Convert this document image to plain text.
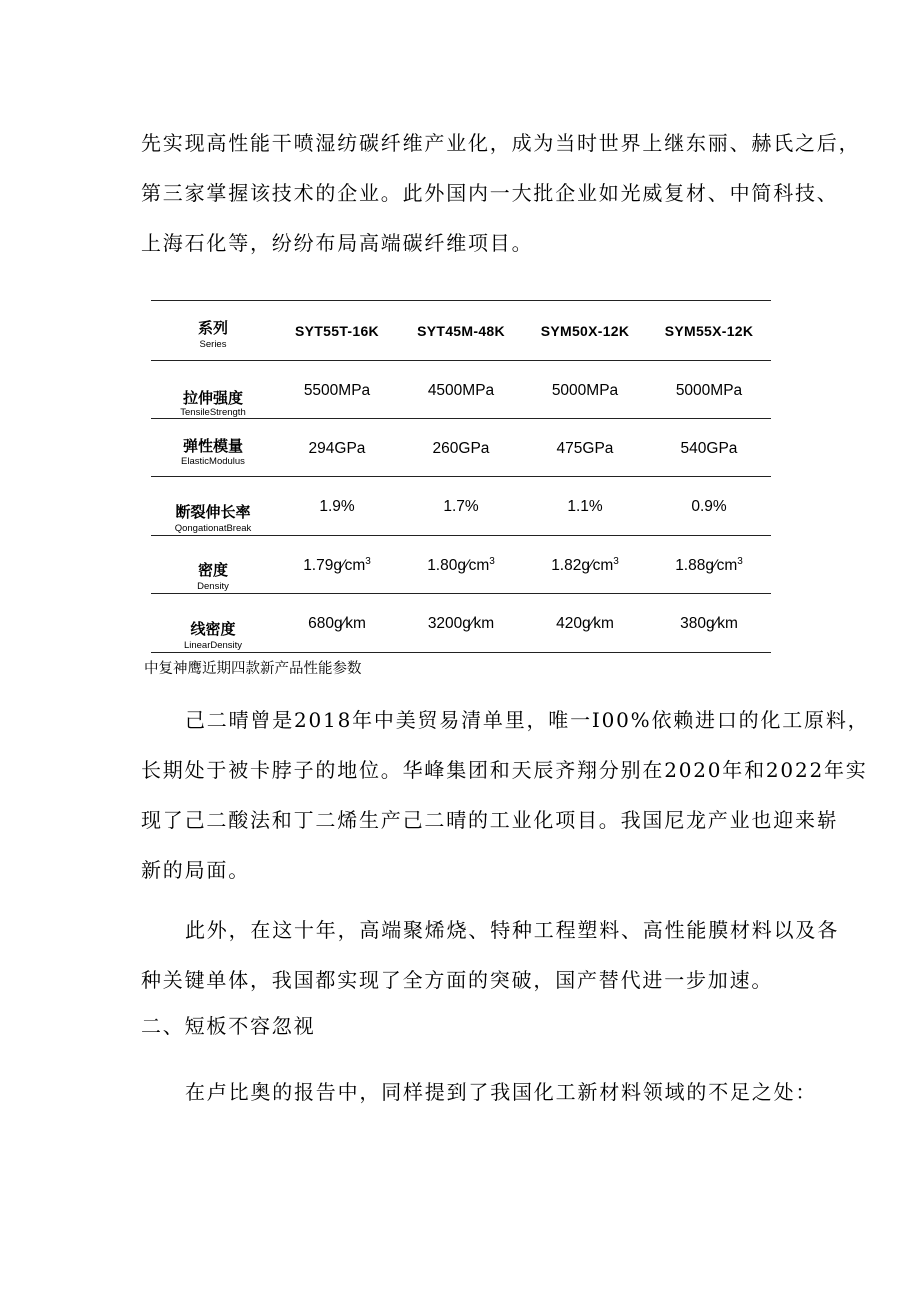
先实现高性能干喷湿纺碳纤维产业化，成为当时世界上继东丽、赫氏之后，
第三家掌握该技术的企业。此外国内一大批企业如光威复材、中简科技、
上海石化等，纷纷布局高端碳纤维项目。
系列
Series
SYT55T-16K	SYT45M-48K	SYM50X-12K	SYM55X-12K
拉伸强度
TensileStrength
5500MPa	4500MPa	5000MPa	5000MPa
弹性模量
ElasticModulus
294GPa	260GPa	475GPa	540GPa
断裂伸长率
QongationatBreak
1.9%	1.7%	1.1%	0.9%
密度
Density
$1.79g∕cm^3$	$1.80g∕cm^3$	$1.82g∕cm^3$	$1.88g∕cm^3$
线密度
LinearDensity
680g∕km	3200g∕km	420g∕km	380g∕km
中复神鹰近期四款新产品性能参数
己二晴曾是2018年中美贸易清单里，唯一I00%依赖进口的化工原料，
长期处于被卡脖子的地位。华峰集团和天辰齐翔分别在2020年和2022年实
现了己二酸法和丁二烯生产己二晴的工业化项目。我国尼龙产业也迎来崭
新的局面。
此外，在这十年，高端聚烯烧、特种工程塑料、高性能膜材料以及各
种关键单体，我国都实现了全方面的突破，国产替代进一步加速。
二、短板不容忽视
在卢比奥的报告中，同样提到了我国化工新材料领域的不足之处：
